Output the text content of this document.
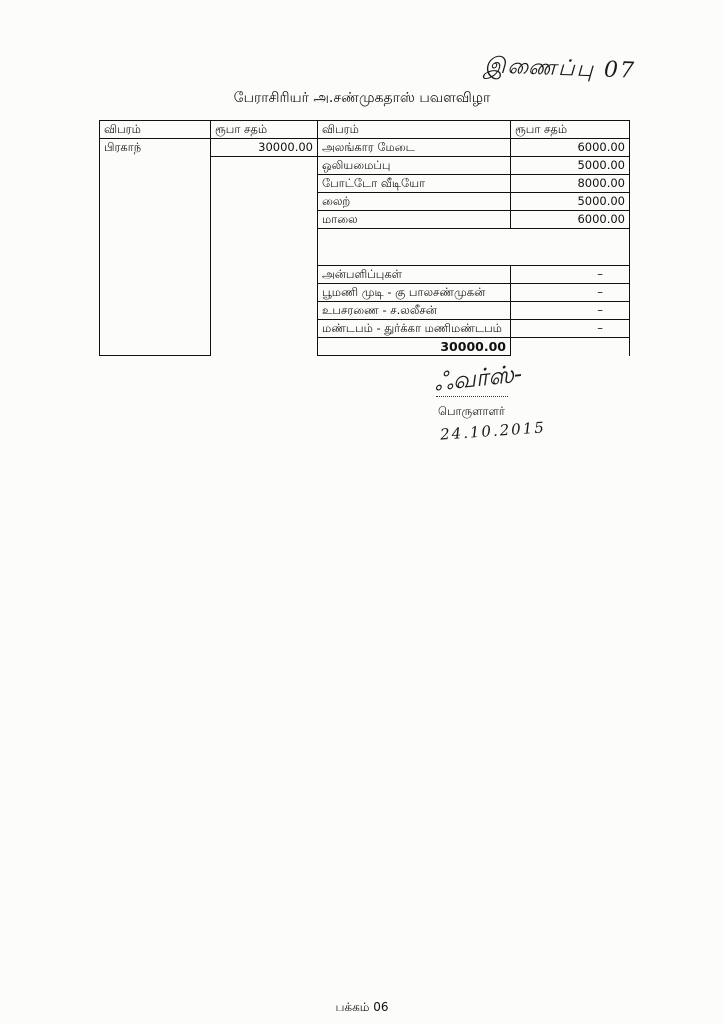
இணைப்பு 07
பேராசிரியர் அ.சண்முகதாஸ் பவளவிழா
விபரம்	ரூபா சதம்	விபரம்	ரூபா சதம்	
பிரகாந்	30000.00	அலங்கார மேடை	6000.00	
		ஒலியமைப்பு	5000.00	
		போட்டோ வீடியோ	8000.00	
		லைற்	5000.00	
		மாலை	6000.00	

		அன்பளிப்புகள்	–	
		பூமணி முடி - கு பாலசண்முகன்	–	
		உபசரணை - ச.லலீசன்	–	
		மண்டபம் - துர்க்கா மணிமண்டபம்	–	
		30000.00		
ஃவர்ஸ்-
பொருளாளர்
24.10.2015
பக்கம் 06
